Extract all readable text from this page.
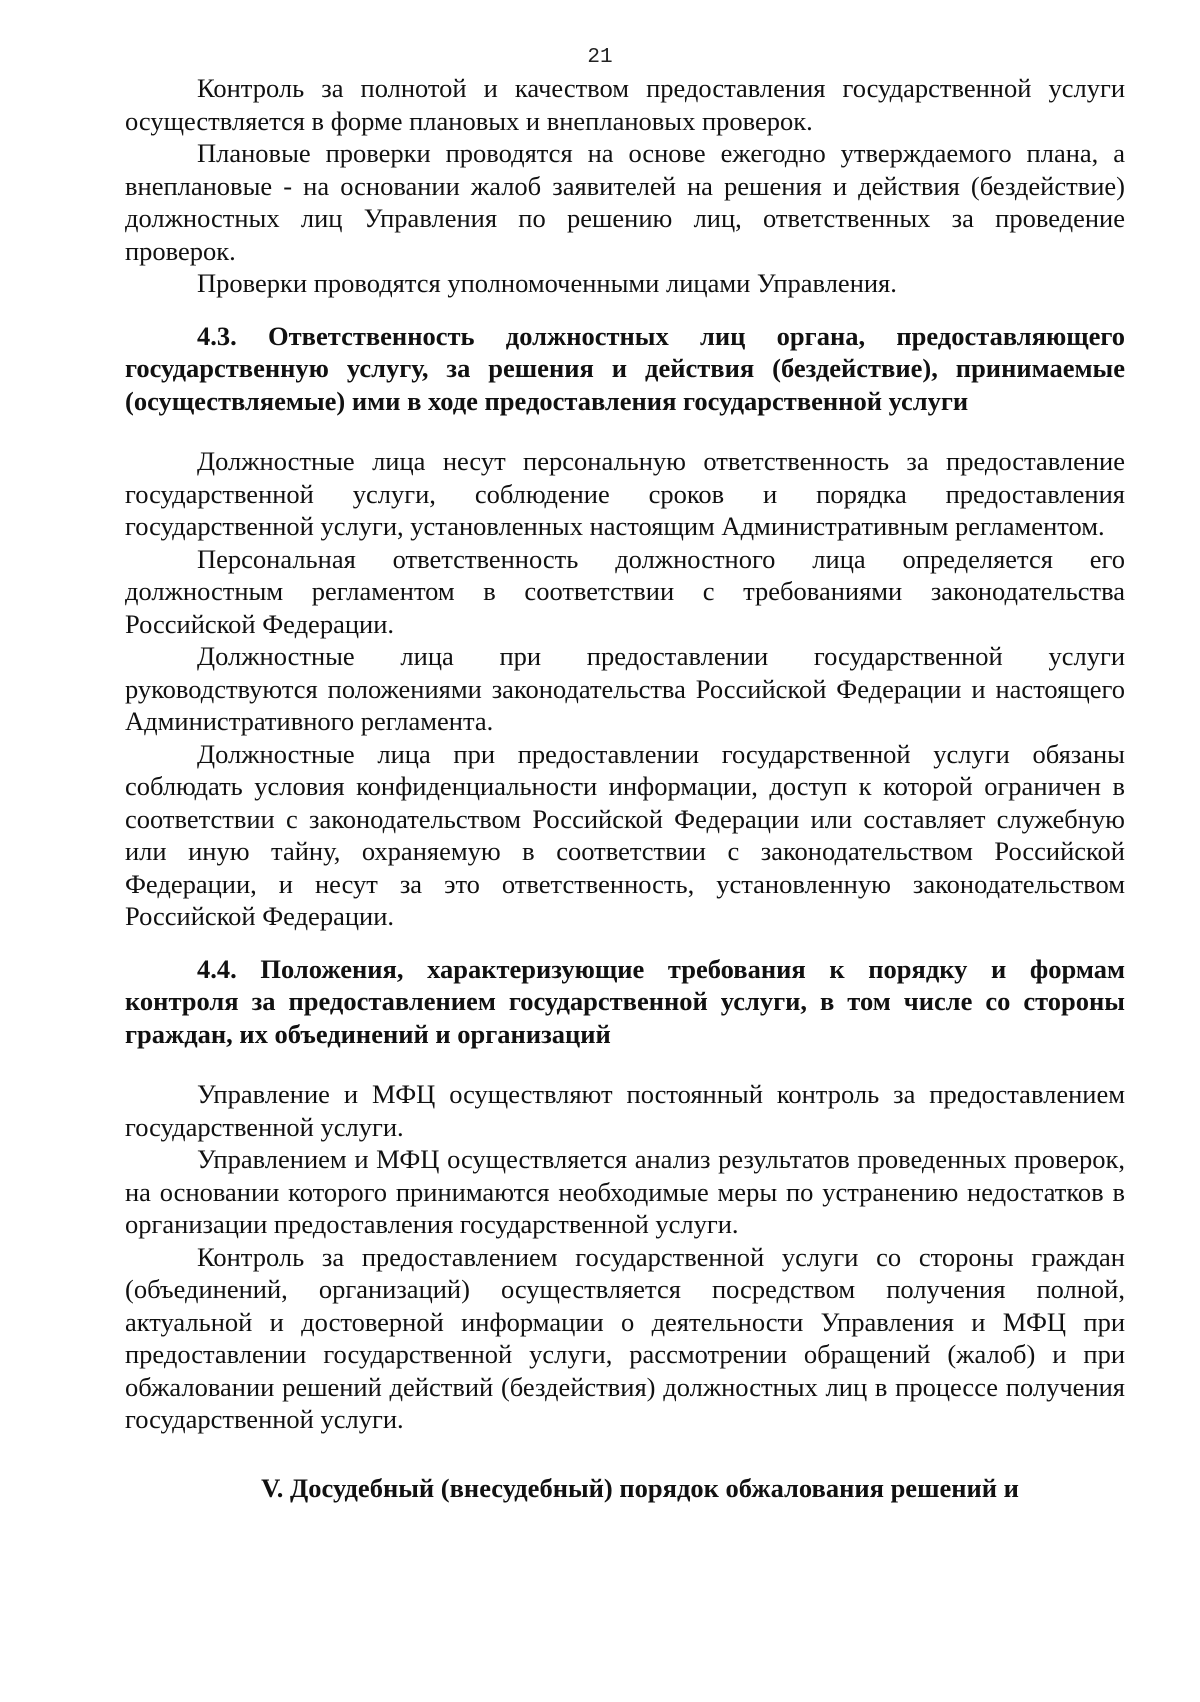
21

Контроль за полнотой и качеством предоставления государственной услуги осуществляется в форме плановых и внеплановых проверок.

Плановые проверки проводятся на основе ежегодно утверждаемого плана, а внеплановые - на основании жалоб заявителей на решения и действия (бездействие) должностных лиц Управления по решению лиц, ответственных за проведение проверок.

Проверки проводятся уполномоченными лицами Управления.

4.3. Ответственность должностных лиц органа, предоставляющего государственную услугу, за решения и действия (бездействие), принимаемые (осуществляемые) ими в ходе предоставления государственной услуги

Должностные лица несут персональную ответственность за предоставление государственной услуги, соблюдение сроков и порядка предоставления государственной услуги, установленных настоящим Административным регламентом.

Персональная ответственность должностного лица определяется его должностным регламентом в соответствии с требованиями законодательства Российской Федерации.

Должностные лица при предоставлении государственной услуги руководствуются положениями законодательства Российской Федерации и настоящего Административного регламента.

Должностные лица при предоставлении государственной услуги обязаны соблюдать условия конфиденциальности информации, доступ к которой ограничен в соответствии с законодательством Российской Федерации или составляет служебную или иную тайну, охраняемую в соответствии с законодательством Российской Федерации, и несут за это ответственность, установленную законодательством Российской Федерации.

4.4. Положения, характеризующие требования к порядку и формам контроля за предоставлением государственной услуги, в том числе со стороны граждан, их объединений и организаций

Управление и МФЦ осуществляют постоянный контроль за предоставлением государственной услуги.

Управлением и МФЦ осуществляется анализ результатов проведенных проверок, на основании которого принимаются необходимые меры по устранению недостатков в организации предоставления государственной услуги.

Контроль за предоставлением государственной услуги со стороны граждан (объединений, организаций) осуществляется посредством получения полной, актуальной и достоверной информации о деятельности Управления и МФЦ при предоставлении государственной услуги, рассмотрении обращений (жалоб) и при обжаловании решений действий (бездействия) должностных лиц в процессе получения государственной услуги.

V. Досудебный (внесудебный) порядок обжалования решений и
